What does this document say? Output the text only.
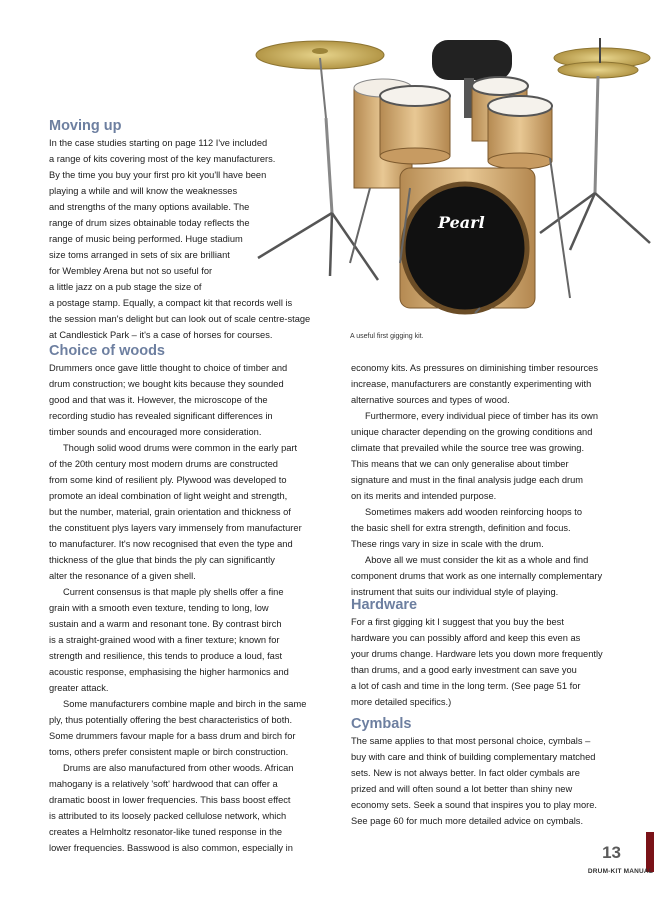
Pearl
A useful first gigging kit.
Moving up

In the case studies starting on page 112 I've included
a range of kits covering most of the key manufacturers.
By the time you buy your first pro kit you'll have been
playing a while and will know the weaknesses
and strengths of the many options available. The
range of drum sizes obtainable today reflects the
range of music being performed. Huge stadium
size toms arranged in sets of six are brilliant
for Wembley Arena but not so useful for
a little jazz on a pub stage the size of
a postage stamp. Equally, a compact kit that records well is
the session man's delight but can look out of scale centre-stage
at Candlestick Park – it's a case of horses for courses.

Choice of woods

Drummers once gave little thought to choice of timber and
drum construction; we bought kits because they sounded
good and that was it. However, the microscope of the
recording studio has revealed significant differences in
timber sounds and encouraged more consideration.

Though solid wood drums were common in the early part
of the 20th century most modern drums are constructed
from some kind of resilient ply. Plywood was developed to
promote an ideal combination of light weight and strength,
but the number, material, grain orientation and thickness of
the constituent plys layers vary immensely from manufacturer
to manufacturer. It's now recognised that even the type and
thickness of the glue that binds the ply can significantly
alter the resonance of a given shell.

Current consensus is that maple ply shells offer a fine
grain with a smooth even texture, tending to long, low
sustain and a warm and resonant tone. By contrast birch
is a straight-grained wood with a finer texture; known for
strength and resilience, this tends to produce a loud, fast
acoustic response, emphasising the higher harmonics and
greater attack.

Some manufacturers combine maple and birch in the same
ply, thus potentially offering the best characteristics of both.
Some drummers favour maple for a bass drum and birch for
toms, others prefer consistent maple or birch construction.

Drums are also manufactured from other woods. African
mahogany is a relatively 'soft' hardwood that can offer a
dramatic boost in lower frequencies. This bass boost effect
is attributed to its loosely packed cellulose network, which
creates a Helmholtz resonator-like tuned response in the
lower frequencies. Basswood is also common, especially in

economy kits. As pressures on diminishing timber resources
increase, manufacturers are constantly experimenting with
alternative sources and types of wood.

Furthermore, every individual piece of timber has its own
unique character depending on the growing conditions and
climate that prevailed while the source tree was growing.
This means that we can only generalise about timber
signature and must in the final analysis judge each drum
on its merits and intended purpose.

Sometimes makers add wooden reinforcing hoops to
the basic shell for extra strength, definition and focus.
These rings vary in size in scale with the drum.

Above all we must consider the kit as a whole and find
component drums that work as one internally complementary
instrument that suits our individual style of playing.

Hardware

For a first gigging kit I suggest that you buy the best
hardware you can possibly afford and keep this even as
your drums change. Hardware lets you down more frequently
than drums, and a good early investment can save you
a lot of cash and time in the long term. (See page 51 for
more detailed specifics.)

Cymbals

The same applies to that most personal choice, cymbals –
buy with care and think of building complementary matched
sets. New is not always better. In fact older cymbals are
prized and will often sound a lot better than shiny new
economy sets. Seek a sound that inspires you to play more.
See page 60 for much more detailed advice on cymbals.

13
DRUM-KIT MANUAL
